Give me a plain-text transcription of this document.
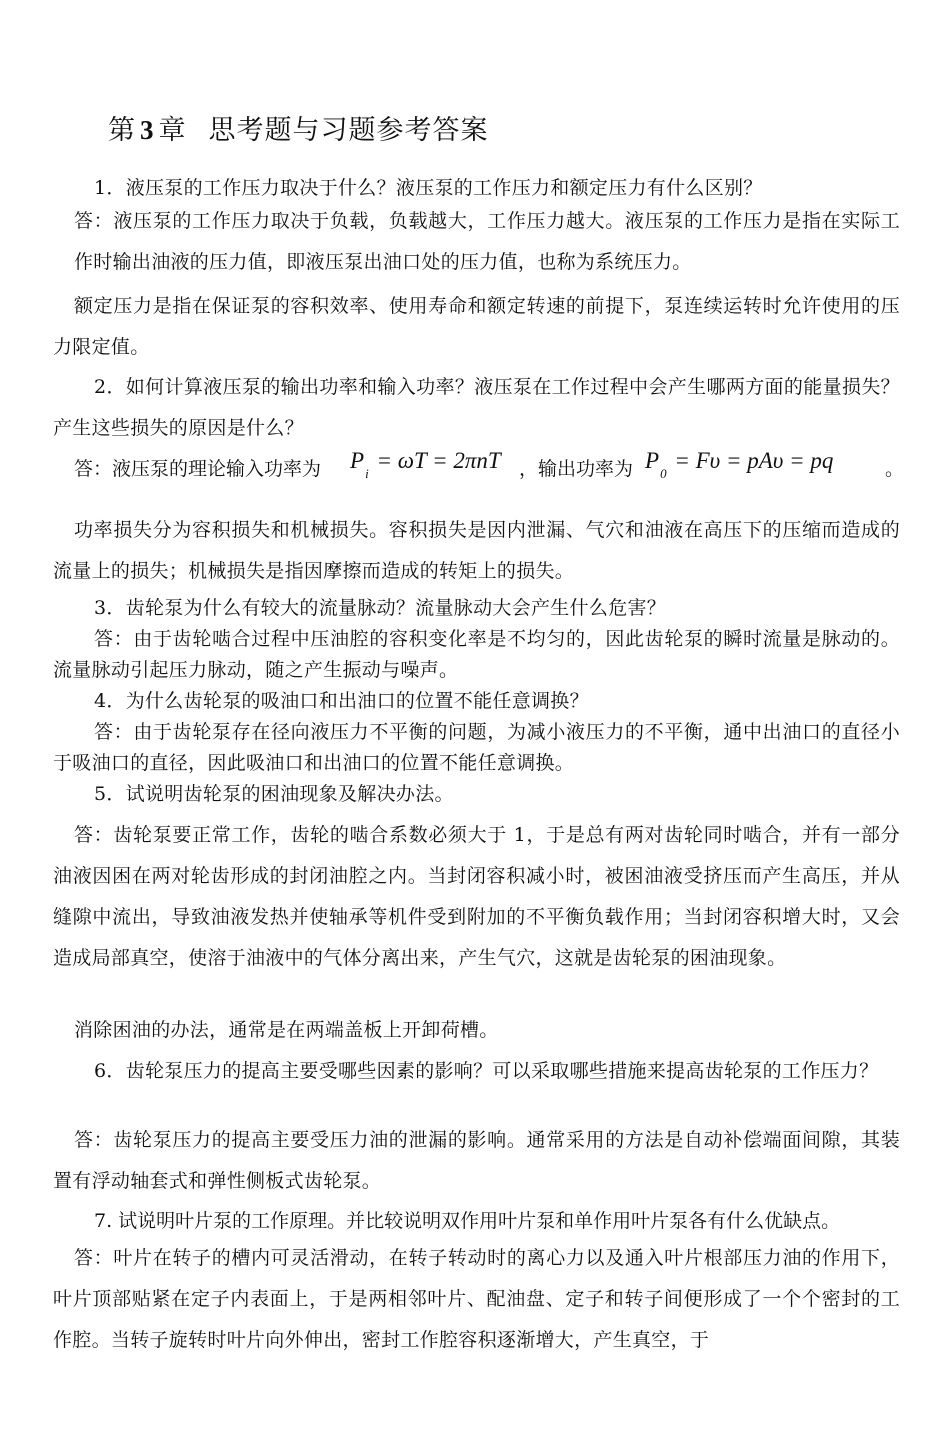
第 3 章 思考题与习题参考答案

1．液压泵的工作压力取决于什么？液压泵的工作压力和额定压力有什么区别？

答：液压泵的工作压力取决于负载，负载越大，工作压力越大。液压泵的工作压力是指在实际工作时输出油液的压力值，即液压泵出油口处的压力值，也称为系统压力。

额定压力是指在保证泵的容积效率、使用寿命和额定转速的前提下，泵连续运转时允许使用的压力限定值。

2．如何计算液压泵的输出功率和输入功率？液压泵在工作过程中会产生哪两方面的能量损失？产生这些损失的原因是什么？

答：液压泵的理论输入功率为 $P_i = \omega T = 2\pi nT$ ，输出功率为 $P_0 = F\upsilon = pA\upsilon$ = pq	。

功率损失分为容积损失和机械损失。容积损失是因内泄漏、气穴和油液在高压下的压缩而造成的流量上的损失；机械损失是指因摩擦而造成的转矩上的损失。

3．齿轮泵为什么有较大的流量脉动？流量脉动大会产生什么危害？

答：由于齿轮啮合过程中压油腔的容积变化率是不均匀的，因此齿轮泵的瞬时流量是脉动的。流量脉动引起压力脉动，随之产生振动与噪声。

4．为什么齿轮泵的吸油口和出油口的位置不能任意调换？

答：由于齿轮泵存在径向液压力不平衡的问题，为减小液压力的不平衡，通中出油口的直径小于吸油口的直径，因此吸油口和出油口的位置不能任意调换。

5．试说明齿轮泵的困油现象及解决办法。

答：齿轮泵要正常工作，齿轮的啮合系数必须大于 1，于是总有两对齿轮同时啮合，并有一部分油液因困在两对轮齿形成的封闭油腔之内。当封闭容积减小时，被困油液受挤压而产生高压，并从缝隙中流出，导致油液发热并使轴承等机件受到附加的不平衡负载作用；当封闭容积增大时，又会造成局部真空，使溶于油液中的气体分离出来，产生气穴，这就是齿轮泵的困油现象。

消除困油的办法，通常是在两端盖板上开卸荷槽。

6．齿轮泵压力的提高主要受哪些因素的影响？可以采取哪些措施来提高齿轮泵的工作压力？

答：齿轮泵压力的提高主要受压力油的泄漏的影响。通常采用的方法是自动补偿端面间隙，其装置有浮动轴套式和弹性侧板式齿轮泵。

7. 试说明叶片泵的工作原理。并比较说明双作用叶片泵和单作用叶片泵各有什么优缺点。

答：叶片在转子的槽内可灵活滑动，在转子转动时的离心力以及通入叶片根部压力油的作用下，叶片顶部贴紧在定子内表面上，于是两相邻叶片、配油盘、定子和转子间便形成了一个个密封的工作腔。当转子旋转时叶片向外伸出，密封工作腔容积逐渐增大，产生真空，于
